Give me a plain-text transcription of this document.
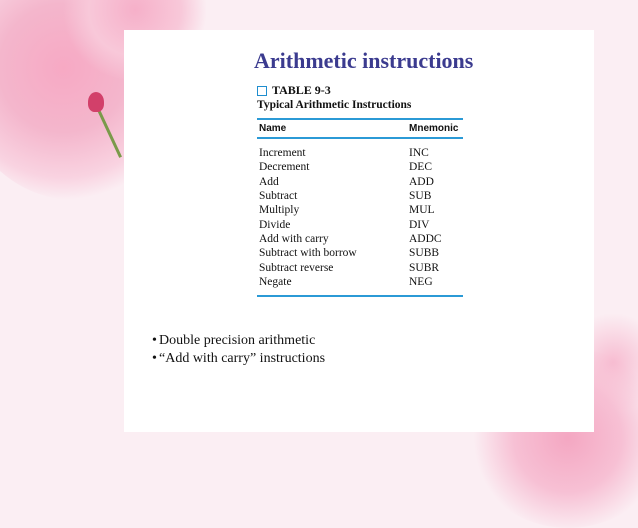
Arithmetic instructions
TABLE 9-3
Typical Arithmetic Instructions
Name	Mnemonic
Increment	INC
Decrement	DEC
Add	ADD
Subtract	SUB
Multiply	MUL
Divide	DIV
Add with carry	ADDC
Subtract with borrow	SUBB
Subtract reverse	SUBR
Negate	NEG
• Double precision arithmetic
• “Add with carry” instructions
